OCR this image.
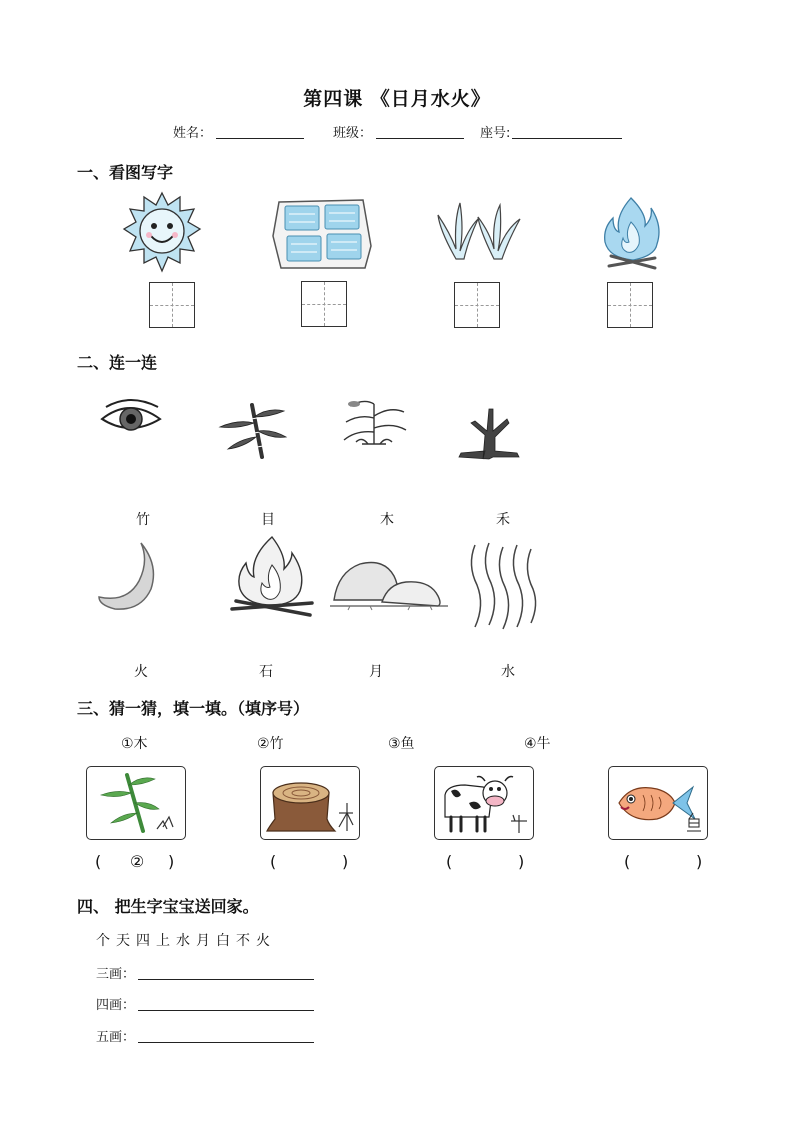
第四课 《日月水火》
姓名：	班级：	座号:
一、看图写字
二、连一连
竹	目	木	禾
火	石	月	水
三、猜一猜，填一填。（填序号）
①木	②竹	③鱼	④牛
( ② )	(	)	(	)	(	)
四、 把生字宝宝送回家。
个天四上水月白不火
三画：
四画：
五画：
